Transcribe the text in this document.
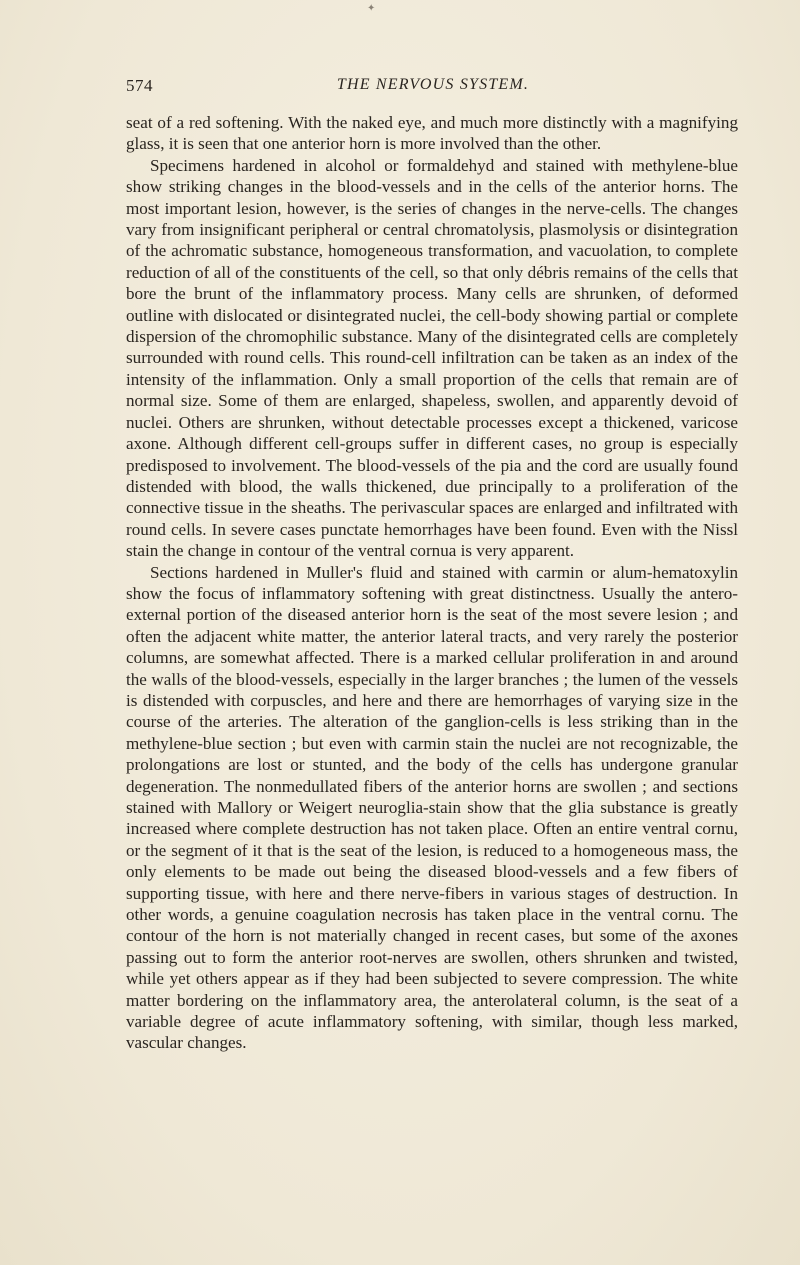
✦
574	THE NERVOUS SYSTEM.

seat of a red softening. With the naked eye, and much more distinctly with a magnifying glass, it is seen that one anterior horn is more involved than the other.

Specimens hardened in alcohol or formaldehyd and stained with methylene-blue show striking changes in the blood-vessels and in the cells of the anterior horns. The most important lesion, however, is the series of changes in the nerve-cells. The changes vary from insignificant peripheral or central chromatolysis, plasmolysis or disintegration of the achromatic substance, homogeneous transformation, and vacuolation, to complete reduction of all of the constituents of the cell, so that only débris remains of the cells that bore the brunt of the inflammatory process. Many cells are shrunken, of deformed outline with dislocated or disintegrated nuclei, the cell-body showing partial or complete dispersion of the chromophilic substance. Many of the disintegrated cells are completely surrounded with round cells. This round-cell infiltration can be taken as an index of the intensity of the inflammation. Only a small proportion of the cells that remain are of normal size. Some of them are enlarged, shapeless, swollen, and apparently devoid of nuclei. Others are shrunken, without detectable processes except a thickened, varicose axone. Although different cell-groups suffer in different cases, no group is especially predisposed to involvement. The blood-vessels of the pia and the cord are usually found distended with blood, the walls thickened, due principally to a proliferation of the connective tissue in the sheaths. The perivascular spaces are enlarged and infiltrated with round cells. In severe cases punctate hemorrhages have been found. Even with the Nissl stain the change in contour of the ventral cornua is very apparent.

Sections hardened in Muller's fluid and stained with carmin or alum-hematoxylin show the focus of inflammatory softening with great distinctness. Usually the antero-external portion of the diseased anterior horn is the seat of the most severe lesion ; and often the adjacent white matter, the anterior lateral tracts, and very rarely the posterior columns, are somewhat affected. There is a marked cellular proliferation in and around the walls of the blood-vessels, especially in the larger branches ; the lumen of the vessels is distended with corpuscles, and here and there are hemorrhages of varying size in the course of the arteries. The alteration of the ganglion-cells is less striking than in the methylene-blue section ; but even with carmin stain the nuclei are not recognizable, the prolongations are lost or stunted, and the body of the cells has undergone granular degeneration. The nonmedullated fibers of the anterior horns are swollen ; and sections stained with Mallory or Weigert neuroglia-stain show that the glia substance is greatly increased where complete destruction has not taken place. Often an entire ventral cornu, or the segment of it that is the seat of the lesion, is reduced to a homogeneous mass, the only elements to be made out being the diseased blood-vessels and a few fibers of supporting tissue, with here and there nerve-fibers in various stages of destruction. In other words, a genuine coagulation necrosis has taken place in the ventral cornu. The contour of the horn is not materially changed in recent cases, but some of the axones passing out to form the anterior root-nerves are swollen, others shrunken and twisted, while yet others appear as if they had been subjected to severe compression. The white matter bordering on the inflammatory area, the anterolateral column, is the seat of a variable degree of acute inflammatory softening, with similar, though less marked, vascular changes.
